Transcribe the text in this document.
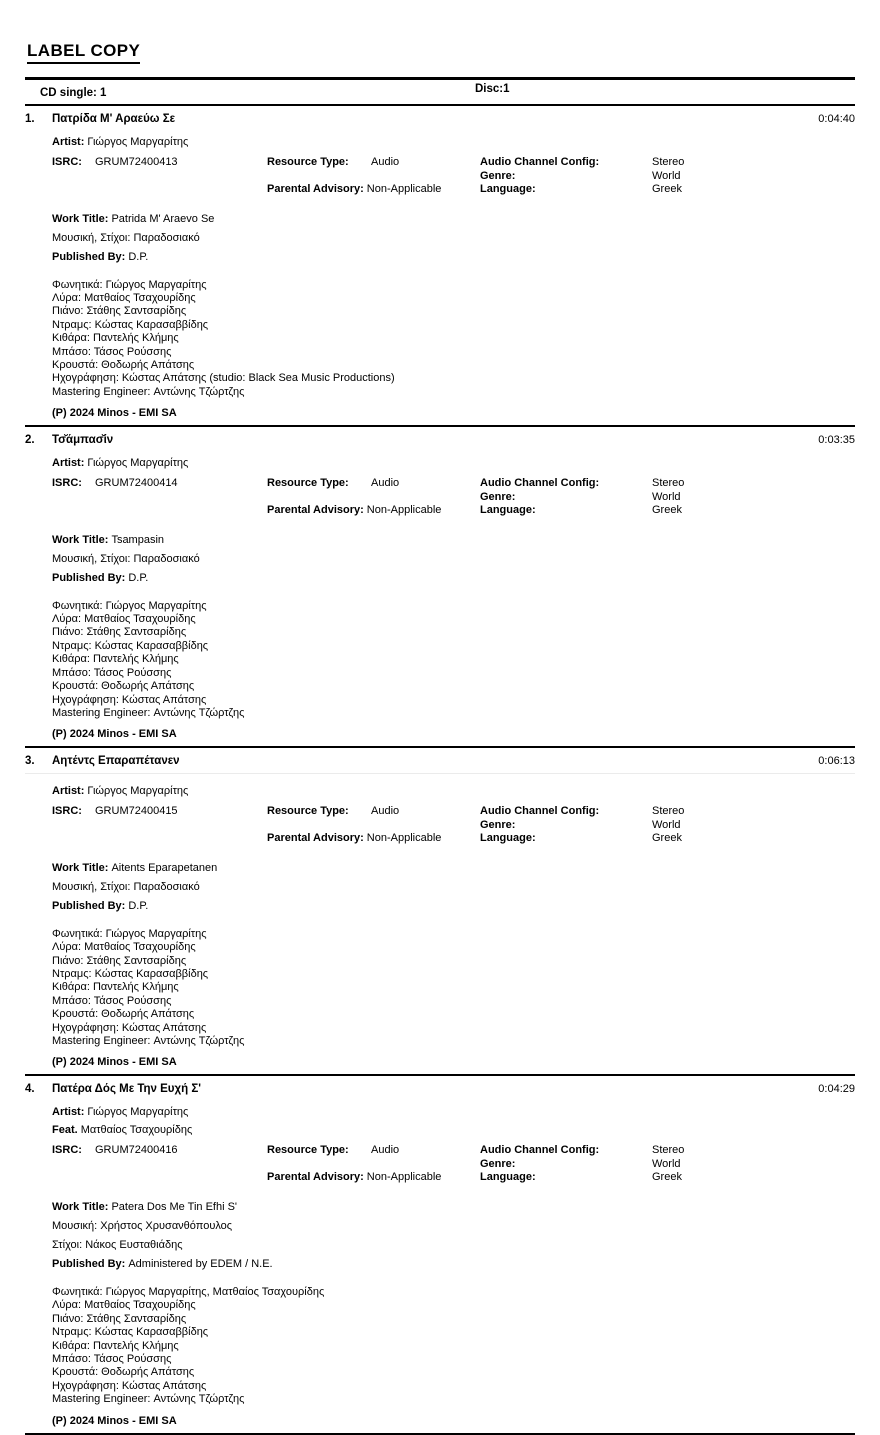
LABEL COPY
CD single: 1	Disc:1
1.	Πατρίδα Μ' Αραεύω Σε	0:04:40
Artist: Γιώργος Μαργαρίτης
ISRC: GRUM72400413	Resource Type: Audio	Audio Channel Config:	Stereo
Genre:	World
Parental Advisory: Non-Applicable	Language:	Greek
Work Title: Patrida M' Araevo Se
Μουσική, Στίχοι: Παραδοσιακό
Published By: D.P.
Φωνητικά: Γιώργος Μαργαρίτης
Λύρα: Ματθαίος Τσαχουρίδης
Πιάνο: Στάθης Σαντσαρίδης
Ντραμς: Κώστας Καρασαββίδης
Κιθάρα: Παντελής Κλήμης
Μπάσο: Τάσος Ρούσσης
Κρουστά: Θοδωρής Απάτσης
Ηχογράφηση: Κώστας Απάτσης (studio: Black Sea Music Productions)
Mastering Engineer: Αντώνης Τζώρτζης
(P) 2024 Minos - EMI SA
2.	Τσ̆άμπασ̆ίν	0:03:35
Artist: Γιώργος Μαργαρίτης
ISRC: GRUM72400414	Resource Type: Audio	Audio Channel Config:	Stereo
Genre:	World
Parental Advisory: Non-Applicable	Language:	Greek
Work Title: Tsampasin
Μουσική, Στίχοι: Παραδοσιακό
Published By: D.P.
Φωνητικά: Γιώργος Μαργαρίτης
Λύρα: Ματθαίος Τσαχουρίδης
Πιάνο: Στάθης Σαντσαρίδης
Ντραμς: Κώστας Καρασαββίδης
Κιθάρα: Παντελής Κλήμης
Μπάσο: Τάσος Ρούσσης
Κρουστά: Θοδωρής Απάτσης
Ηχογράφηση: Κώστας Απάτσης
Mastering Engineer: Αντώνης Τζώρτζης
(P) 2024 Minos - EMI SA
3.	Αητέντς Επαραπέτανεν	0:06:13
Artist: Γιώργος Μαργαρίτης
ISRC: GRUM72400415	Resource Type: Audio	Audio Channel Config:	Stereo
Genre:	World
Parental Advisory: Non-Applicable	Language:	Greek
Work Title: Aitents Eparapetanen
Μουσική, Στίχοι: Παραδοσιακό
Published By: D.P.
Φωνητικά: Γιώργος Μαργαρίτης
Λύρα: Ματθαίος Τσαχουρίδης
Πιάνο: Στάθης Σαντσαρίδης
Ντραμς: Κώστας Καρασαββίδης
Κιθάρα: Παντελής Κλήμης
Μπάσο: Τάσος Ρούσσης
Κρουστά: Θοδωρής Απάτσης
Ηχογράφηση: Κώστας Απάτσης
Mastering Engineer: Αντώνης Τζώρτζης
(P) 2024 Minos - EMI SA
4.	Πατέρα Δός Με Την Ευχή Σ'	0:04:29
Artist: Γιώργος Μαργαρίτης
Feat. Ματθαίος Τσαχουρίδης
ISRC: GRUM72400416	Resource Type: Audio	Audio Channel Config:	Stereo
Genre:	World
Parental Advisory: Non-Applicable	Language:	Greek
Work Title: Patera Dos Me Tin Efhi S'
Μουσική: Χρήστος Χρυσανθόπουλος
Στίχοι: Νάκος Ευσταθιάδης
Published By: Administered by EDEM / N.E.
Φωνητικά: Γιώργος Μαργαρίτης, Ματθαίος Τσαχουρίδης
Λύρα: Ματθαίος Τσαχουρίδης
Πιάνο: Στάθης Σαντσαρίδης
Ντραμς: Κώστας Καρασαββίδης
Κιθάρα: Παντελής Κλήμης
Μπάσο: Τάσος Ρούσσης
Κρουστά: Θοδωρής Απάτσης
Ηχογράφηση: Κώστας Απάτσης
Mastering Engineer: Αντώνης Τζώρτζης
(P) 2024 Minos - EMI SA
